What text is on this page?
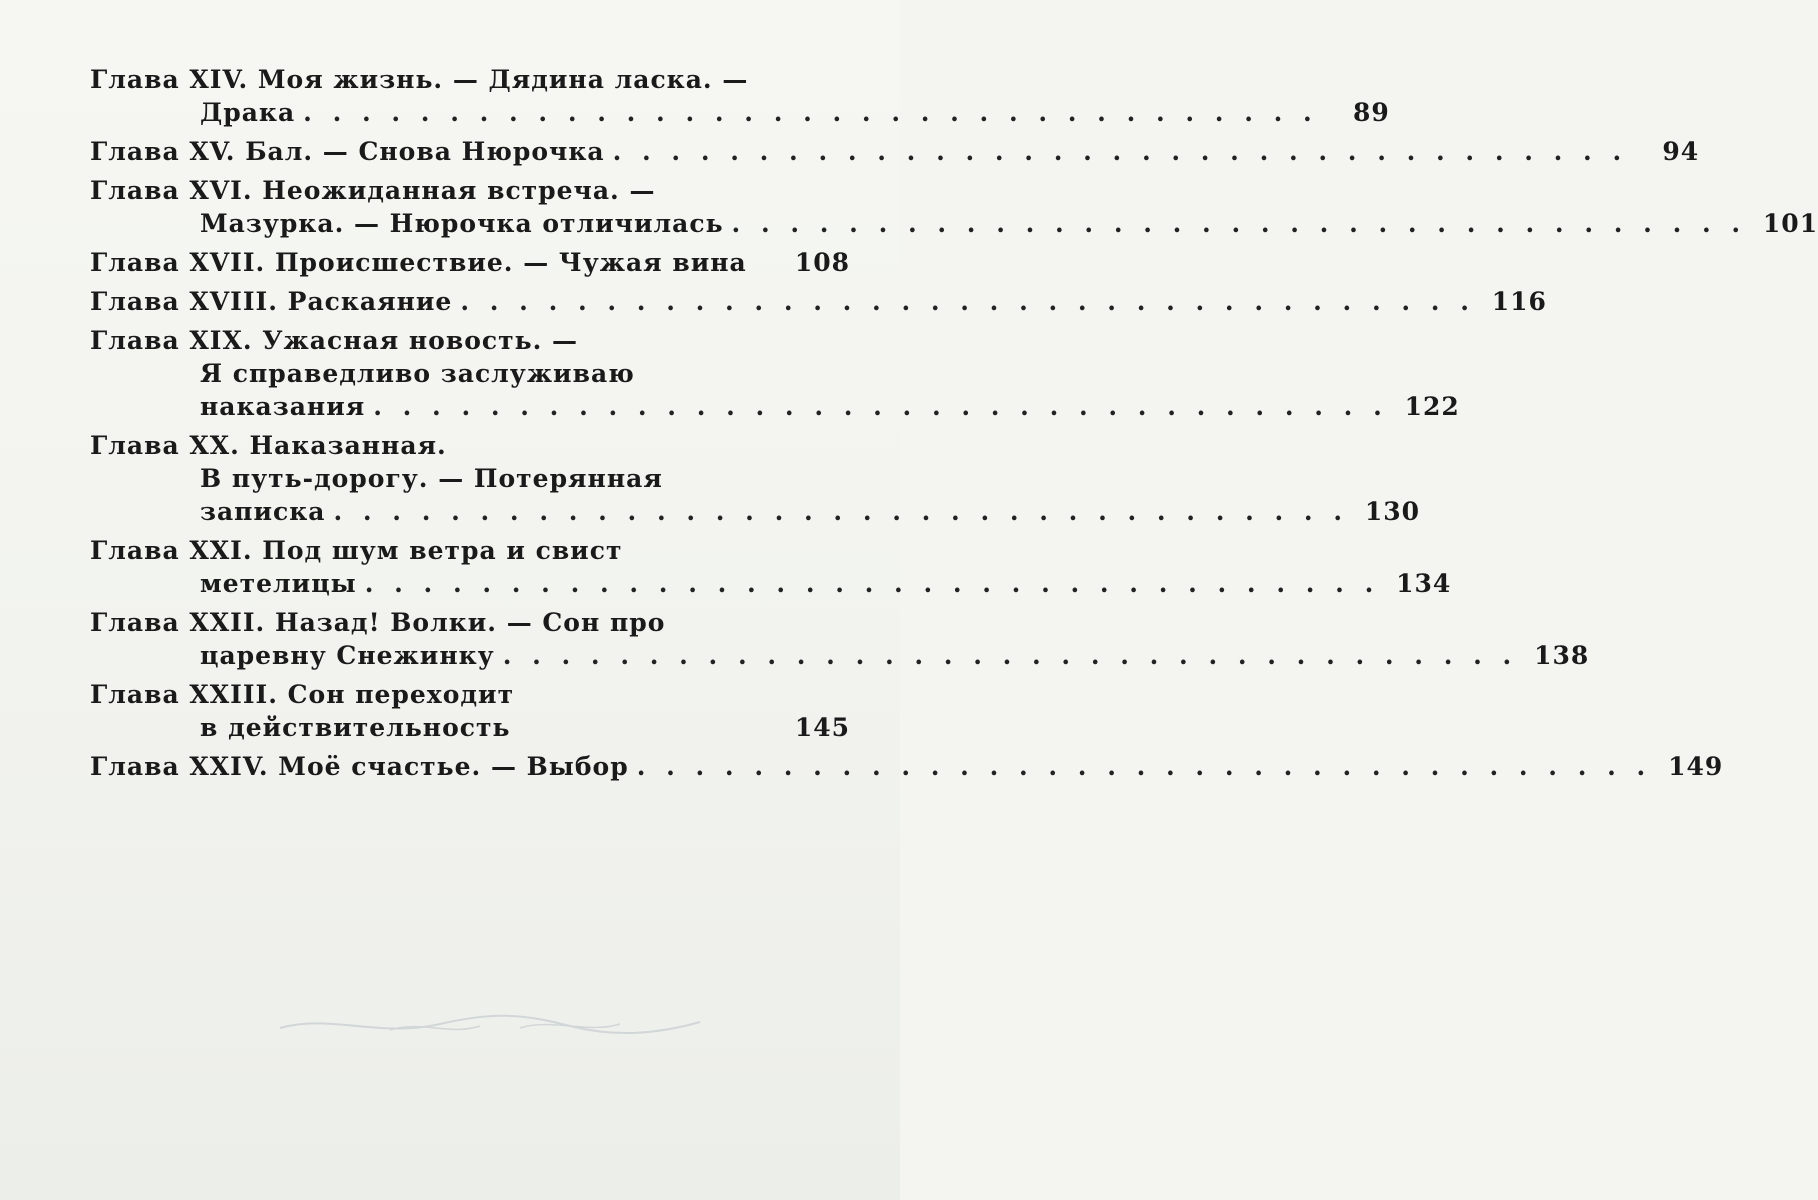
Глава XIV. Моя жизнь. — Дядина ласка. —
Драка . . . . . . . . . . . . . . . . . . . . . . . . . . . . . . . . . . .	89
Глава XV. Бал. — Снова Нюрочка . . . . . . . . . . . . . . . . . . . . . . . . . . . . . . . . . . .	94
Глава XVI. Неожиданная встреча. —
Мазурка. — Нюрочка отличилась . . . . . . . . . . . . . . . . . . . . . . . . . . . . . . . . . . . 101
Глава XVII. Происшествие. — Чужая вина	108
Глава XVIII. Раскаяние . . . . . . . . . . . . . . . . . . . . . . . . . . . . . . . . . . . 116
Глава XIX. Ужасная новость. —
Я справедливо заслуживаю
наказания . . . . . . . . . . . . . . . . . . . . . . . . . . . . . . . . . . . 122
Глава XX. Наказанная.
В путь-дорогу. — Потерянная
записка . . . . . . . . . . . . . . . . . . . . . . . . . . . . . . . . . . . 130
Глава XXI. Под шум ветра и свист
метелицы . . . . . . . . . . . . . . . . . . . . . . . . . . . . . . . . . . . 134
Глава XXII. Назад! Волки. — Сон про
царевну Снежинку . . . . . . . . . . . . . . . . . . . . . . . . . . . . . . . . . . . 138
Глава XXIII. Сон переходит
в действительность	145
Глава XXIV. Моё счастье. — Выбор . . . . . . . . . . . . . . . . . . . . . . . . . . . . . . . . . . . 149
